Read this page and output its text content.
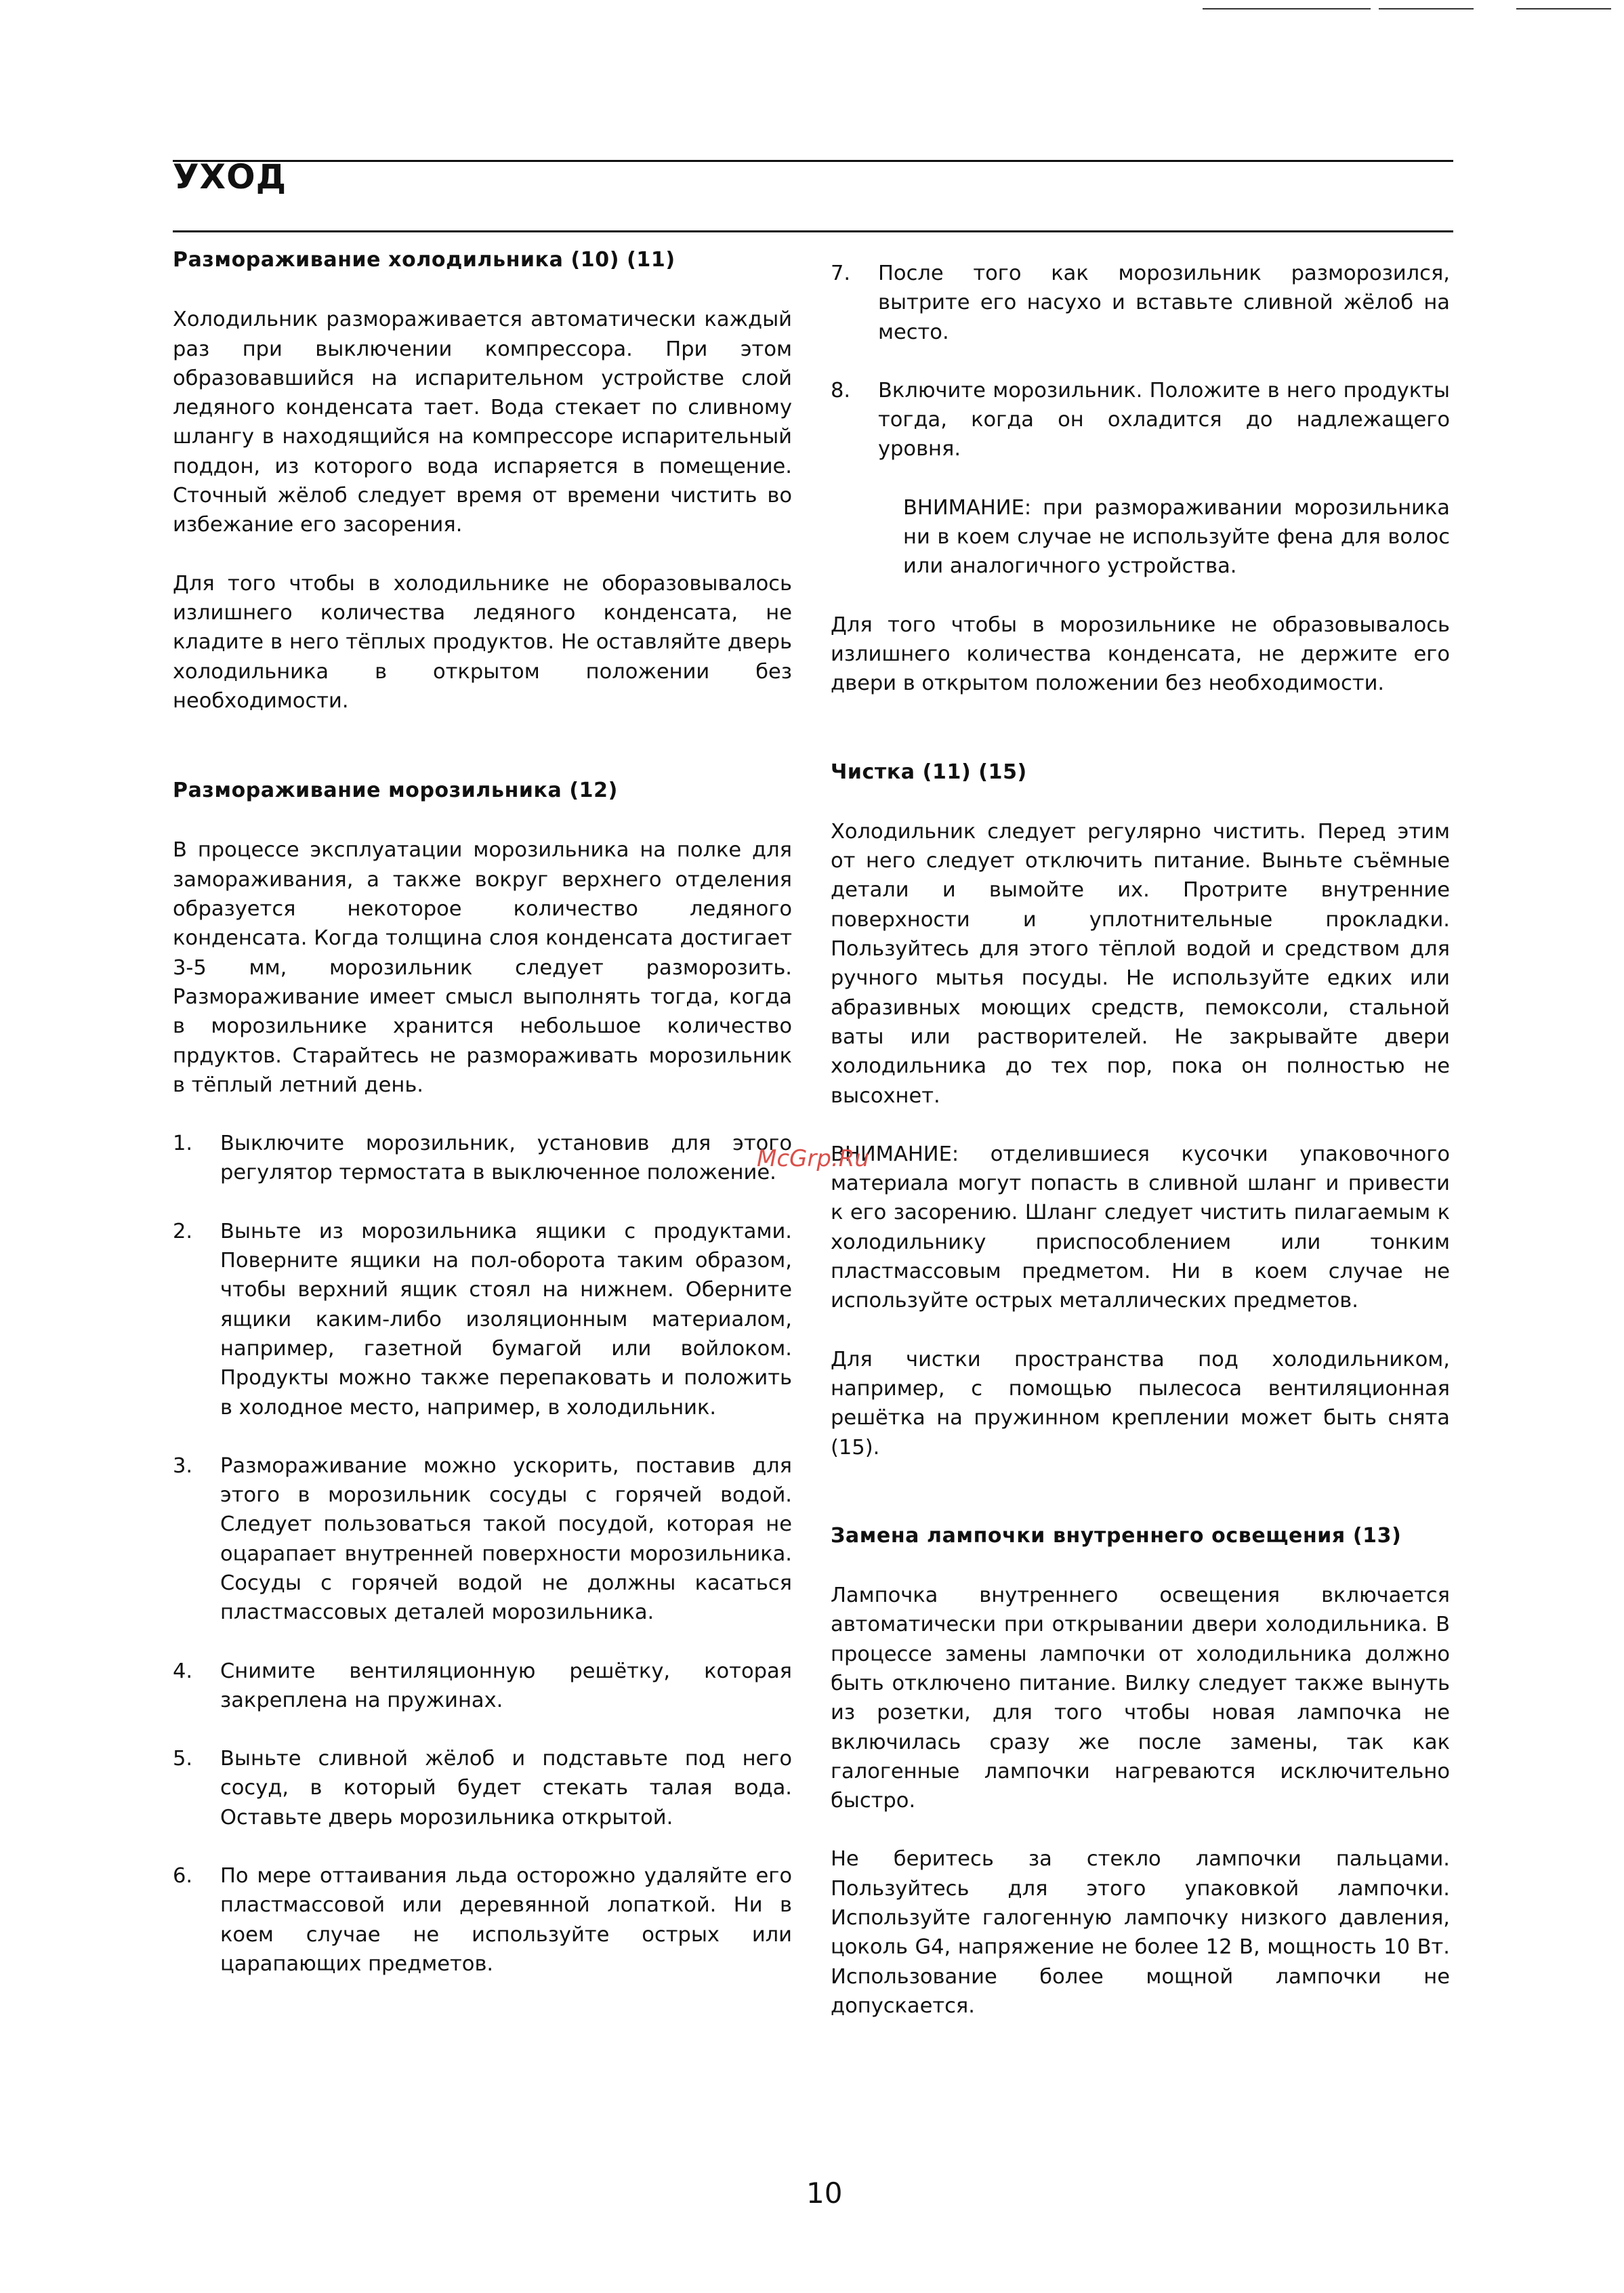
УХОД
Размораживание холодильника (10) (11)

Холодильник размораживается автоматически каждый раз при выключении компрессора. При этом образовавшийся на испарительном устройстве слой ледяного конденсата тает. Вода стекает по сливному шлангу в находящийся на компрессоре испарительный поддон, из которого вода испаряется в помещение. Сточный жёлоб следует время от времени чистить во избежание его засорения.

Для того чтобы в холодильнике не оборазовывалось излишнего количества ледяного конденсата, не кладите в него тёплых продуктов. Не оставляйте дверь холодильника в открытом положении без необходимости.

Размораживание морозильника (12)

В процессе эксплуатации морозильника на полке для замораживания, а также вокруг верхнего отделения образуется некоторое количество ледяного конденсата. Когда толщина слоя конденсата достигает 3-5 мм, морозильник следует разморозить. Размораживание имеет смысл выполнять тогда, когда в морозильнике хранится небольшое количество прдуктов. Старайтесь не размораживать морозильник в тёплый летний день.

1. Выключите морозильник, установив для этого регулятор термостата в выключенное положение.

2. Выньте из морозильника ящики с продуктами. Поверните ящики на пол-оборота таким образом, чтобы верхний ящик стоял на нижнем. Оберните ящики каким-либо изоляционным материалом, например, газетной бумагой или войлоком. Продукты можно также перепаковать и положить в холодное место, например, в холодильник.

3. Размораживание можно ускорить, поставив для этого в морозильник сосуды с горячей водой. Следует пользоваться такой посудой, которая не оцарапает внутренней поверхности морозильника. Сосуды с горячей водой не должны касаться пластмассовых деталей морозильника.

4. Снимите вентиляционную решётку, которая закреплена на пружинах.

5. Выньте сливной жёлоб и подставьте под него сосуд, в который будет стекать талая вода. Оставьте дверь морозильника открытой.

6. По мере оттаивания льда осторожно удаляйте его пластмассовой или деревянной лопаткой. Ни в коем случае не используйте острых или царапающих предметов.

7. После того как морозильник разморозился, вытрите его насухо и вставьте сливной жёлоб на место.

8. Включите морозильник. Положите в него продукты тогда, когда он охладится до надлежащего уровня.

ВНИМАНИЕ: при размораживании морозильника ни в коем случае не используйте фена для волос или аналогичного устройства.

Для того чтобы в морозильнике не образовывалось излишнего количества конденсата, не держите его двери в открытом положении без необходимости.

Чистка (11) (15)

Холодильник следует регулярно чистить. Перед этим от него следует отключить питание. Выньте съёмные детали и вымойте их. Протрите внутренние поверхности и уплотнительные прокладки. Пользуйтесь для этого тёплой водой и средством для ручного мытья посуды. Не используйте едких или абразивных моющих средств, пемоксоли, стальной ваты или растворителей. Не закрывайте двери холодильника до тех пор, пока он полностью не высохнет.

ВНИМАНИЕ: отделившиеся кусочки упаковочного материала могут попасть в сливной шланг и привести к его засорению. Шланг следует чистить пилагаемым к холодильнику приспособлением или тонким пластмассовым предметом. Ни в коем случае не используйте острых металлических предметов.

Для чистки пространства под холодильником, например, с помощью пылесоса вентиляционная решётка на пружинном креплении может быть снята (15).

Замена лампочки внутреннего освещения (13)

Лампочка внутреннего освещения включается автоматически при открывании двери холодильника. В процессе замены лампочки от холодильника должно быть отключено питание. Вилку следует также вынуть из розетки, для того чтобы новая лампочка не включилась сразу же после замены, так как галогенные лампочки нагреваются исключительно быстро.

Не беритесь за стекло лампочки пальцами. Пользуйтесь для этого упаковкой лампочки. Используйте галогенную лампочку низкого давления, цоколь G4, напряжение не более 12 В, мощность 10 Вт. Использование более мощной лампочки не допускается.

McGrp.Ru
10
